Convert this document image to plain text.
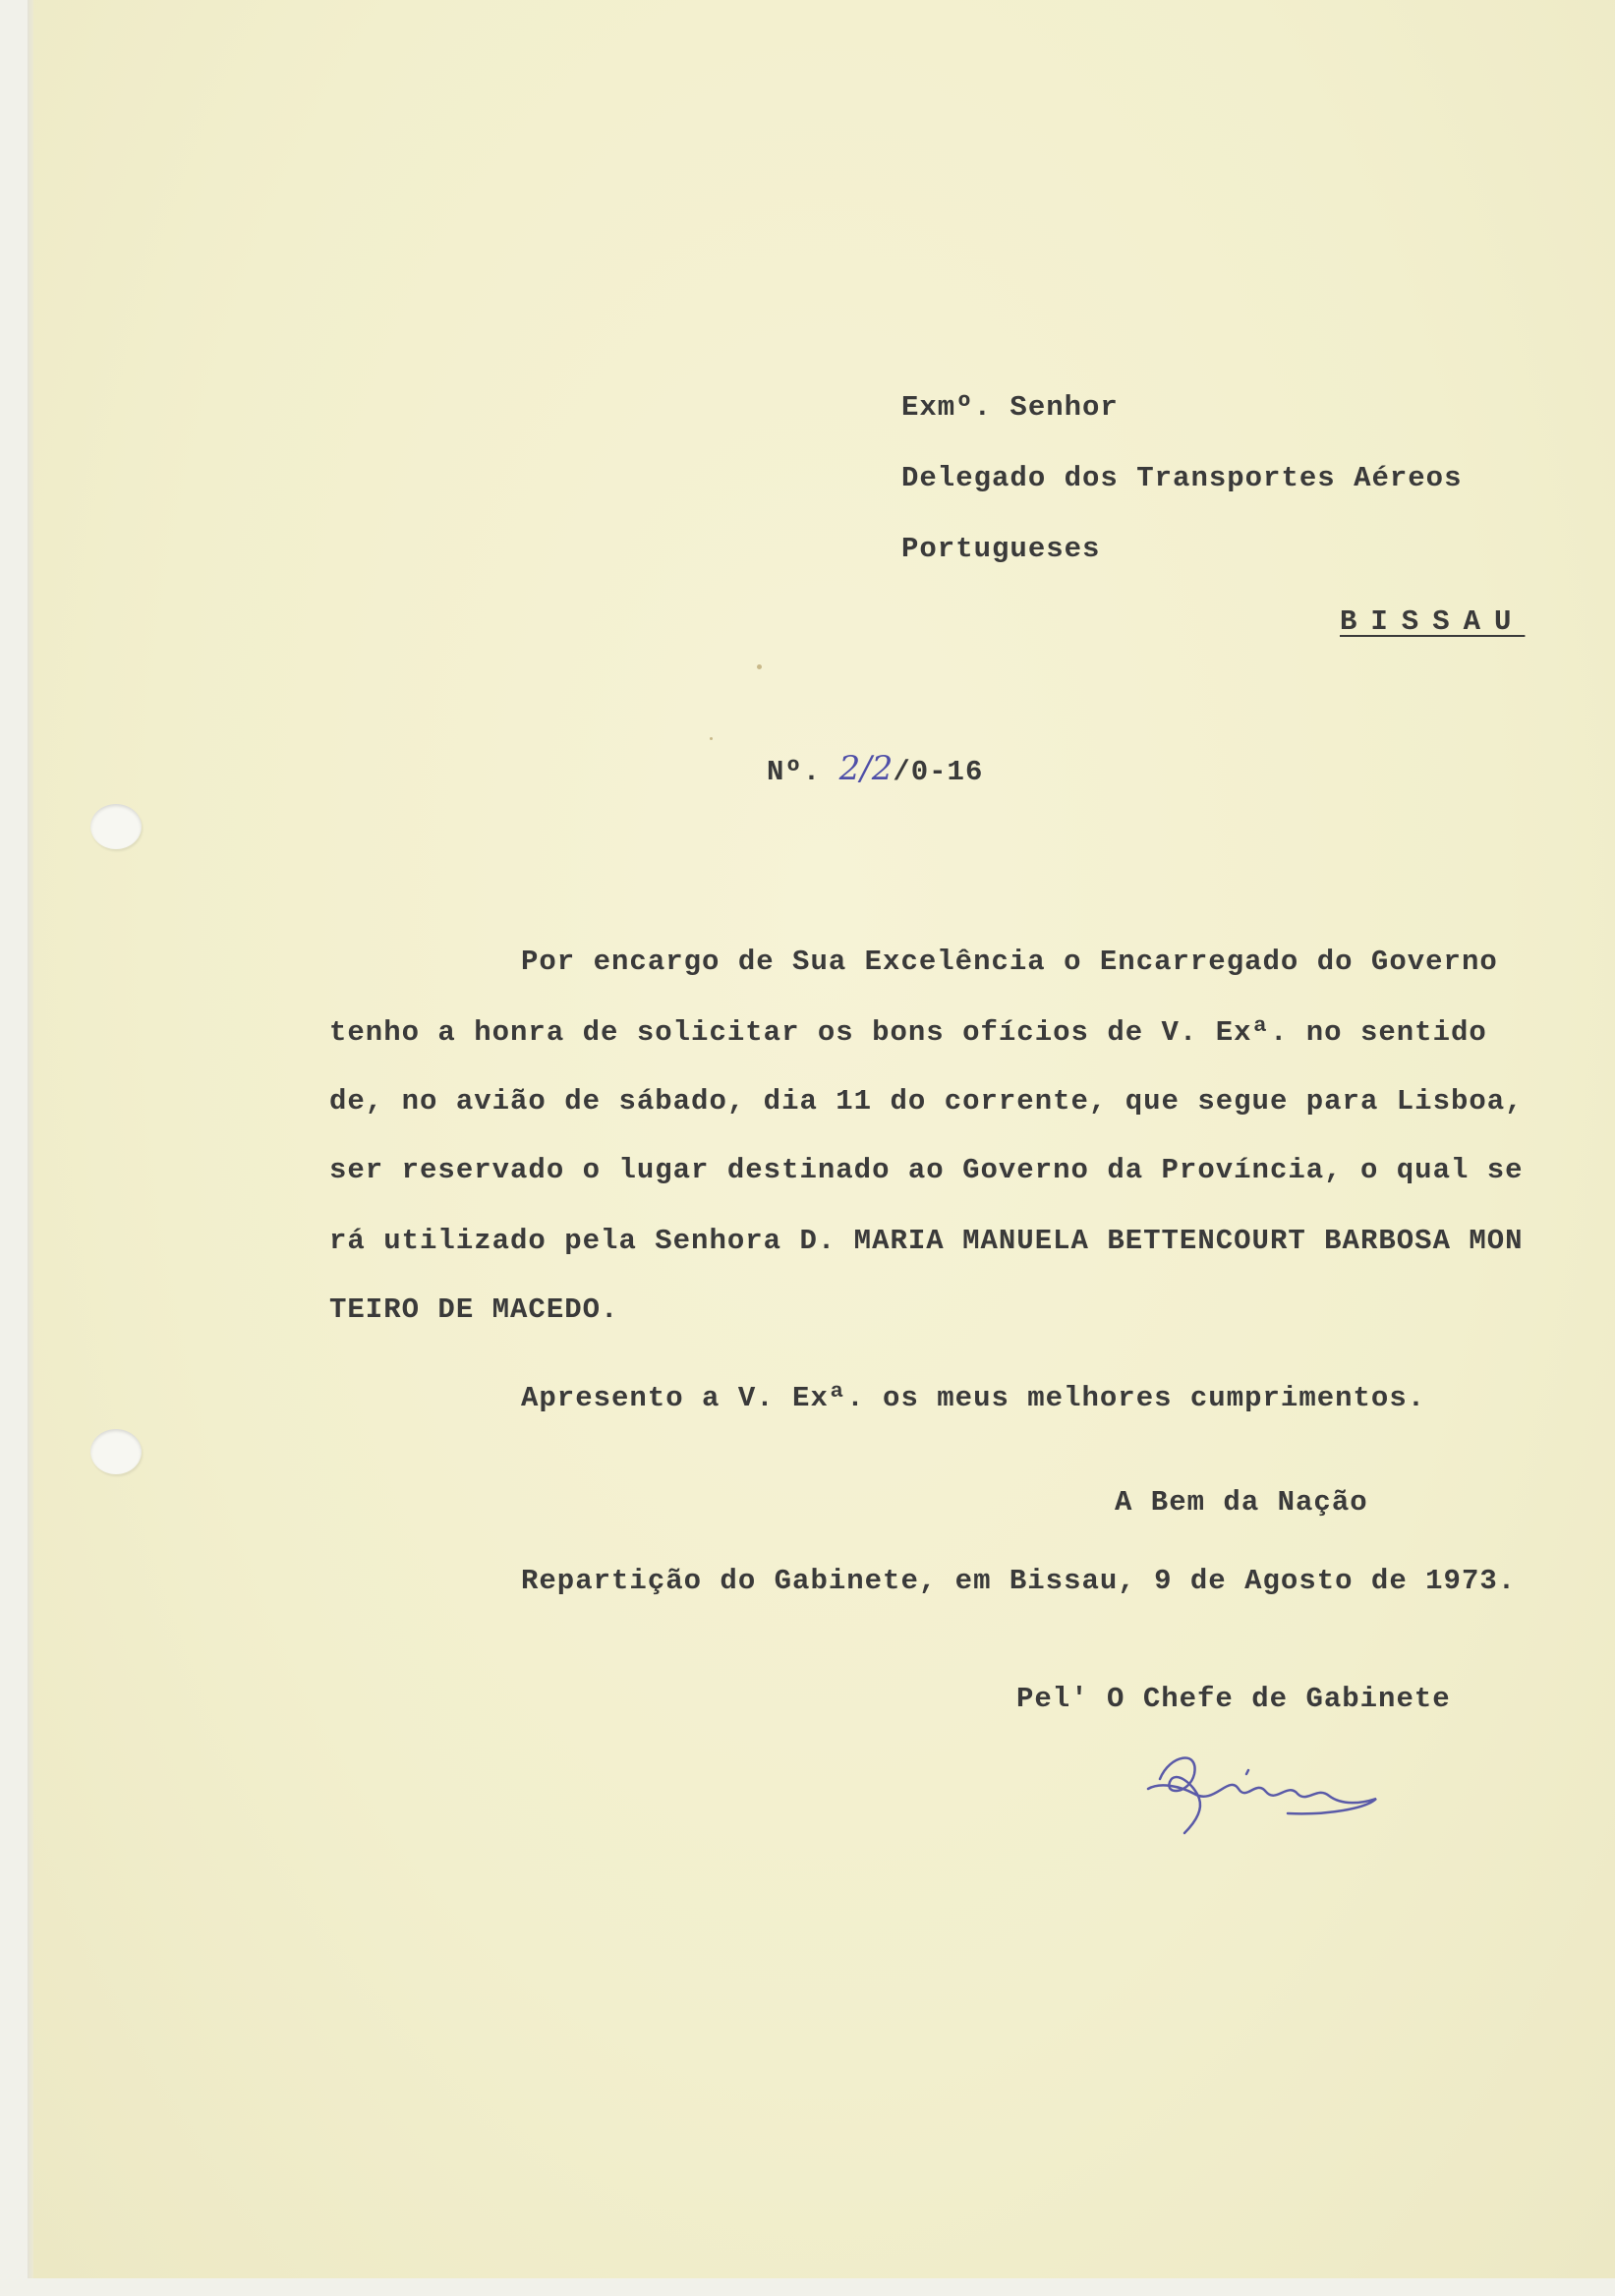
Exmº. Senhor
Delegado dos Transportes Aéreos
Portugueses
BISSAU
Nº. 2/2/0-16
Por encargo de Sua Excelência o Encarregado do Governo
tenho a honra de solicitar os bons ofícios de V. Exª. no sentido
de, no avião de sábado, dia 11 do corrente, que segue para Lisboa,
ser reservado o lugar destinado ao Governo da Província, o qual se
rá utilizado pela Senhora D. MARIA MANUELA BETTENCOURT BARBOSA MON
TEIRO DE MACEDO.
Apresento a V. Exª. os meus melhores cumprimentos.
A Bem da Nação
Repartição do Gabinete, em Bissau, 9 de Agosto de 1973.
Pel' O Chefe de Gabinete
